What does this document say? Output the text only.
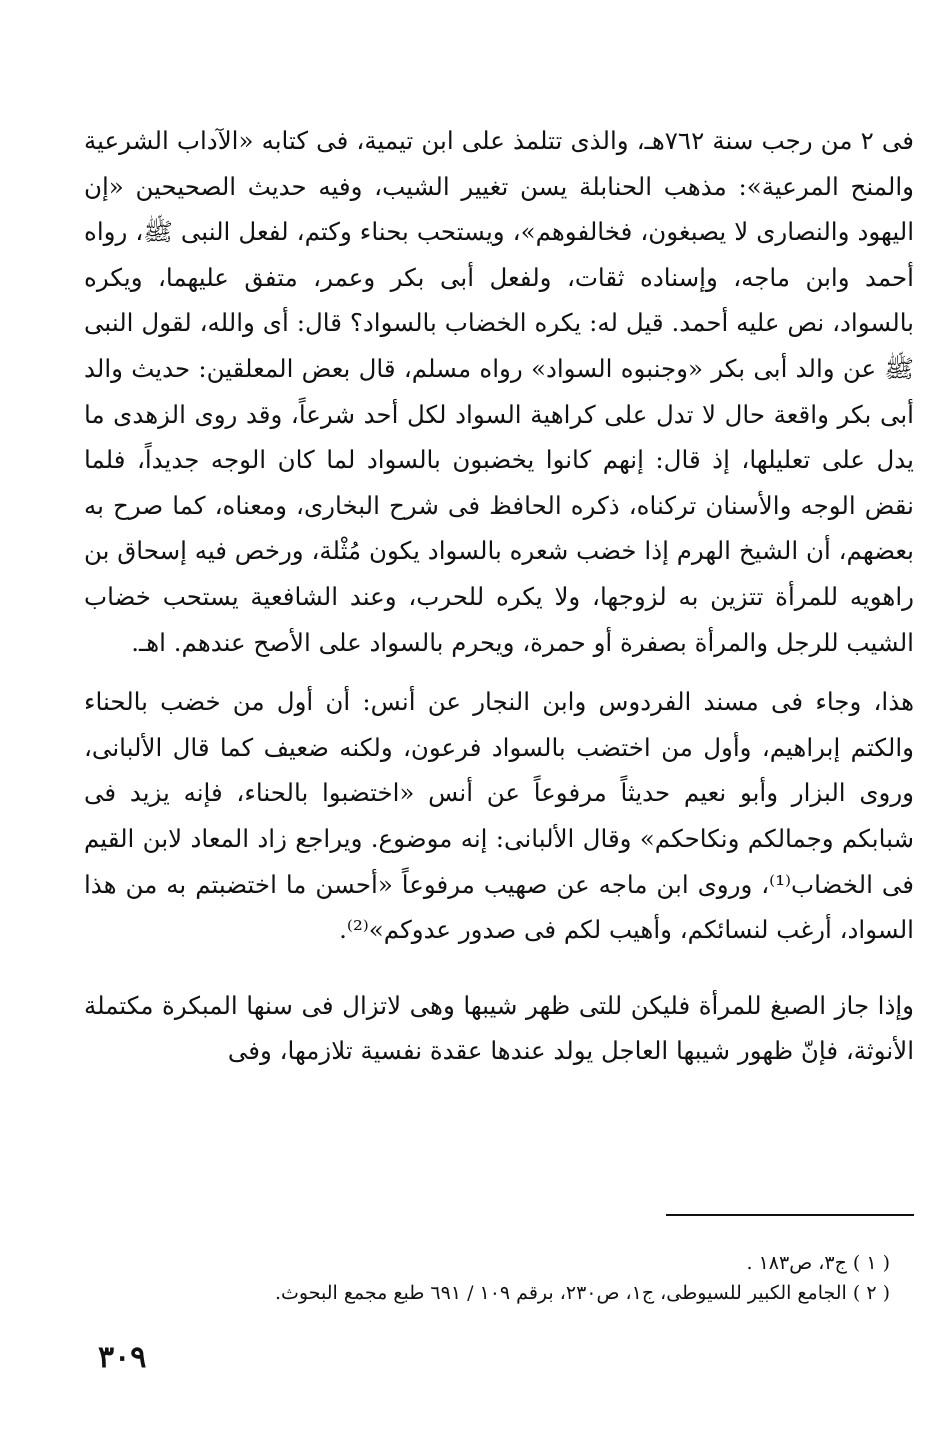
فى ٢ من رجب سنة ٧٦٢هـ، والذى تتلمذ على ابن تيمية، فى كتابه «الآداب الشرعية والمنح المرعية»: مذهب الحنابلة يسن تغيير الشيب، وفيه حديث الصحيحين «إن اليهود والنصارى لا يصبغون، فخالفوهم»، ويستحب بحناء وكتم، لفعل النبى ﷺ، رواه أحمد وابن ماجه، وإسناده ثقات، ولفعل أبى بكر وعمر، متفق عليهما، ويكره بالسواد، نص عليه أحمد. قيل له: يكره الخضاب بالسواد؟ قال: أى والله، لقول النبى ﷺ عن والد أبى بكر «وجنبوه السواد» رواه مسلم، قال بعض المعلقين: حديث والد أبى بكر واقعة حال لا تدل على كراهية السواد لكل أحد شرعاً، وقد روى الزهدى ما يدل على تعليلها، إذ قال: إنهم كانوا يخضبون بالسواد لما كان الوجه جديداً، فلما نقض الوجه والأسنان تركناه، ذكره الحافظ فى شرح البخارى، ومعناه، كما صرح به بعضهم، أن الشيخ الهرم إذا خضب شعره بالسواد يكون مُثْلة، ورخص فيه إسحاق بن راهويه للمرأة تتزين به لزوجها، ولا يكره للحرب، وعند الشافعية يستحب خضاب الشيب للرجل والمرأة بصفرة أو حمرة، ويحرم بالسواد على الأصح عندهم. اهـ.

هذا، وجاء فى مسند الفردوس وابن النجار عن أنس: أن أول من خضب بالحناء والكتم إبراهيم، وأول من اختضب بالسواد فرعون، ولكنه ضعيف كما قال الألبانى، وروى البزار وأبو نعيم حديثاً مرفوعاً عن أنس «اختضبوا بالحناء، فإنه يزيد فى شبابكم وجمالكم ونكاحكم» وقال الألبانى: إنه موضوع. ويراجع زاد المعاد لابن القيم فى الخضاب⁽¹⁾، وروى ابن ماجه عن صهيب مرفوعاً «أحسن ما اختضبتم به من هذا السواد، أرغب لنسائكم، وأهيب لكم فى صدور عدوكم»⁽²⁾.

وإذا جاز الصبغ للمرأة فليكن للتى ظهر شيبها وهى لاتزال فى سنها المبكرة مكتملة الأنوثة، فإنّ ظهور شيبها العاجل يولد عندها عقدة نفسية تلازمها، وفى

( ١ ) ج٣، ص١٨٣ .

( ٢ ) الجامع الكبير للسيوطى، ج١، ص٢٣٠، برقم ١٠٩ / ٦٩١ طبع مجمع البحوث.

٣٠٩
